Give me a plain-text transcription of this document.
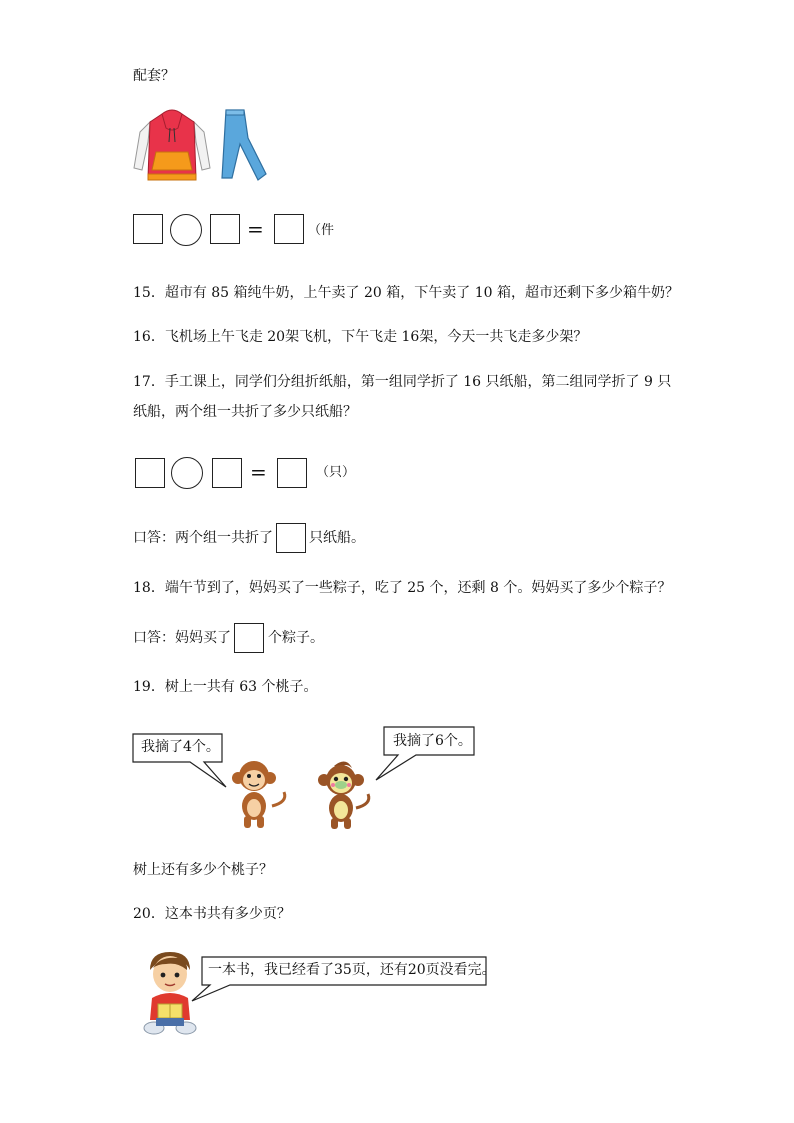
配套？
=	（件
15．超市有 85 箱纯牛奶，上午卖了 20 箱，下午卖了 10 箱，超市还剩下多少箱牛奶？
16．飞机场上午飞走 20架飞机，下午飞走 16架，今天一共飞走多少架？
17．手工课上，同学们分组折纸船，第一组同学折了 16 只纸船，第二组同学折了 9 只
纸船，两个组一共折了多少只纸船？
=	（只）
口答：两个组一共折了	只纸船。
18．端午节到了，妈妈买了一些粽子，吃了 25 个，还剩 8 个。妈妈买了多少个粽子？
口答：妈妈买了	个粽子。
19．树上一共有 63 个桃子。
我摘了4个。	我摘了6个。
树上还有多少个桃子？
20．这本书共有多少页？
一本书，我已经看了35页，还有20页没看完。
